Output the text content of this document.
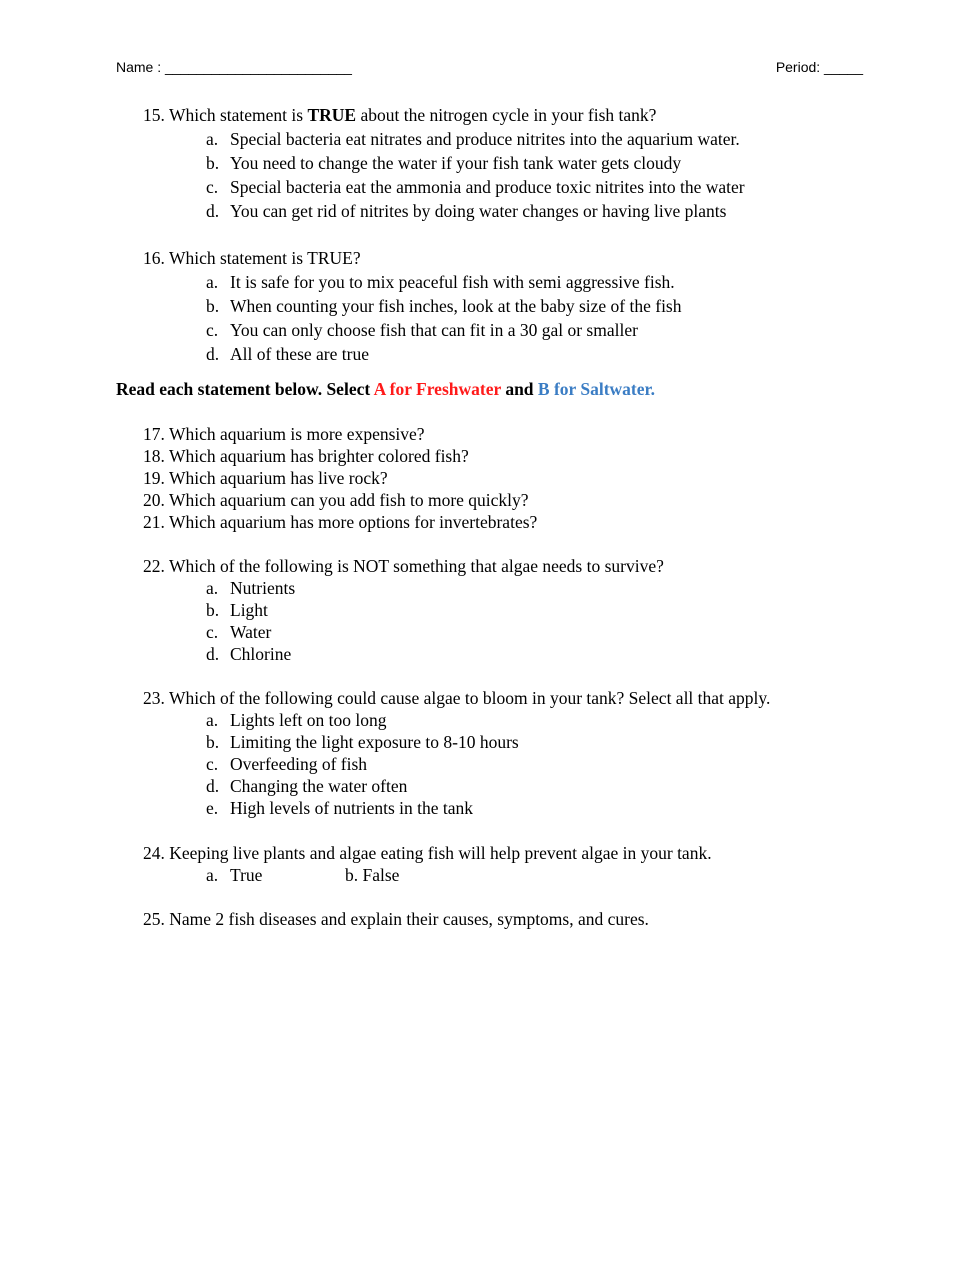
Name : ________________________	Period: _____
15. Which statement is TRUE about the nitrogen cycle in your fish tank?
a. Special bacteria eat nitrates and produce nitrites into the aquarium water.
b. You need to change the water if your fish tank water gets cloudy
c. Special bacteria eat the ammonia and produce toxic nitrites into the water
d. You can get rid of nitrites by doing water changes or having live plants
16. Which statement is TRUE?
a. It is safe for you to mix peaceful fish with semi aggressive fish.
b. When counting your fish inches, look at the baby size of the fish
c. You can only choose fish that can fit in a 30 gal or smaller
d. All of these are true
Read each statement below. Select A for Freshwater and B for Saltwater.
17. Which aquarium is more expensive?
18. Which aquarium has brighter colored fish?
19. Which aquarium has live rock?
20. Which aquarium can you add fish to more quickly?
21. Which aquarium has more options for invertebrates?
22. Which of the following is NOT something that algae needs to survive?
a. Nutrients
b. Light
c. Water
d. Chlorine
23. Which of the following could cause algae to bloom in your tank? Select all that apply.
a. Lights left on too long
b. Limiting the light exposure to 8-10 hours
c. Overfeeding of fish
d. Changing the water often
e. High levels of nutrients in the tank
24. Keeping live plants and algae eating fish will help prevent algae in your tank.
a. True	b. False
25. Name 2 fish diseases and explain their causes, symptoms, and cures.
